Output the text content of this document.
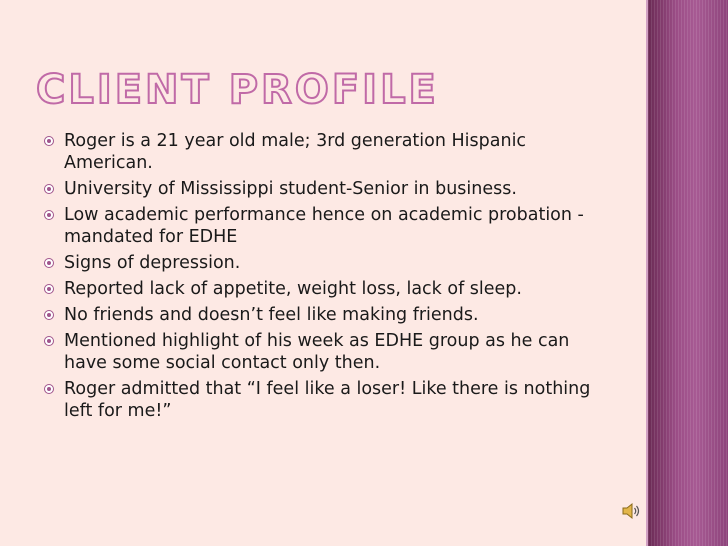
CLIENT PROFILE
Roger is a 21 year old male; 3rd generation Hispanic American.
University of Mississippi student-Senior in business.
Low academic performance hence on academic probation - mandated for EDHE
Signs of depression.
Reported lack of appetite, weight loss, lack of sleep.
No friends and doesn’t feel like making friends.
Mentioned highlight of his week as EDHE group as he can have some social contact only then.
Roger admitted that “I feel like a loser! Like there is nothing left for me!”
